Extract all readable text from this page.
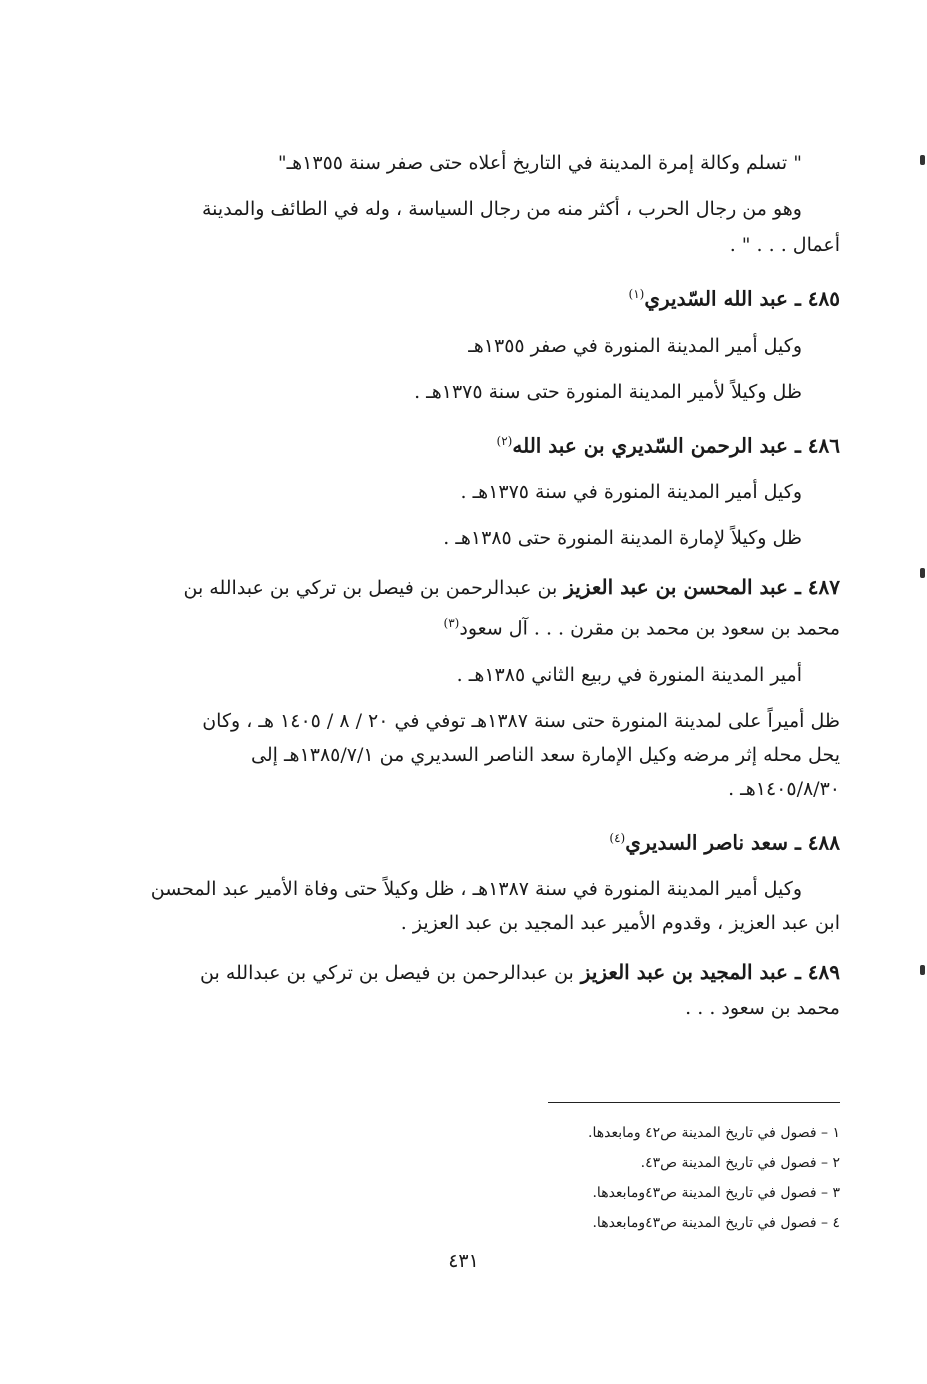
" تسلم وكالة إمرة المدينة في التاريخ أعلاه حتى صفر سنة ١٣٥٥هـ"

وهو من رجال الحرب ، أكثر منه من رجال السياسة ، وله في الطائف والمدينة

أعمال . . . " .

٤٨٥ ـ عبد الله السّديري$^{(١)}$

وكيل أمير المدينة المنورة في صفر ١٣٥٥هـ

ظل وكيلاً لأمير المدينة المنورة حتى سنة ١٣٧٥هـ .

٤٨٦ ـ عبد الرحمن السّديري بن عبد الله$^{(٢)}$

وكيل أمير المدينة المنورة في سنة ١٣٧٥هـ .

ظل وكيلاً لإمارة المدينة المنورة حتى ١٣٨٥هـ .

٤٨٧ ـ عبد المحسن بن عبد العزيز بن عبدالرحمن بن فيصل بن تركي بن عبدالله بن

محمد بن سعود بن محمد بن مقرن . . . آل سعود$^{(٣)}$

أمير المدينة المنورة في ربيع الثاني ١٣٨٥هـ .

ظل أميراً على لمدينة المنورة حتى سنة ١٣٨٧هـ توفي في ٢٠ / ٨ / ١٤٠٥ هـ ، وكان

يحل محله إثر مرضه وكيل الإمارة سعد الناصر السديري من ١٣٨٥/٧/١هـ إلى

١٤٠٥/٨/٣٠هـ .

٤٨٨ ـ سعد ناصر السديري$^{(٤)}$

وكيل أمير المدينة المنورة في سنة ١٣٨٧هـ ، ظل وكيلاً حتى وفاة الأمير عبد المحسن

ابن عبد العزيز ، وقدوم الأمير عبد المجيد بن عبد العزيز .

٤٨٩ ـ عبد المجيد بن عبد العزيز بن عبدالرحمن بن فيصل بن تركي بن عبدالله بن

محمد بن سعود . . .

١ – فصول في تاريخ المدينة ص٤٢ ومابعدها.
٢ – فصول في تاريخ المدينة ص٤٣.
٣ – فصول في تاريخ المدينة ص٤٣ومابعدها.
٤ – فصول في تاريخ المدينة ص٤٣ومابعدها.
٤٣١
